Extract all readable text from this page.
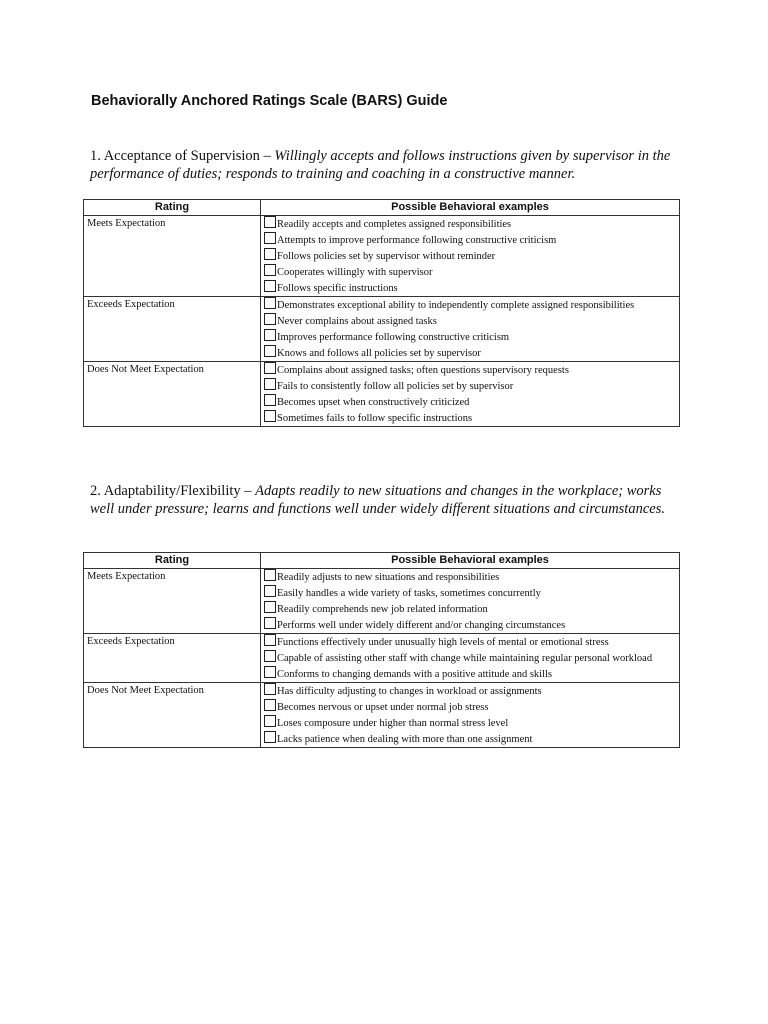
Behaviorally Anchored Ratings Scale (BARS) Guide
1. Acceptance of Supervision – Willingly accepts and follows instructions given by supervisor in the performance of duties; responds to training and coaching in a constructive manner.
Rating	Possible Behavioral examples
Meets Expectation	Readily accepts and completes assigned responsibilities
Attempts to improve performance following constructive criticism
Follows policies set by supervisor without reminder
Cooperates willingly with supervisor
Follows specific instructions

Exceeds Expectation	Demonstrates exceptional ability to independently complete assigned responsibilities
Never complains about assigned tasks
Improves performance following constructive criticism
Knows and follows all policies set by supervisor

Does Not Meet Expectation	Complains about assigned tasks; often questions supervisory requests
Fails to consistently follow all policies set by supervisor
Becomes upset when constructively criticized
Sometimes fails to follow specific instructions
2. Adaptability/Flexibility – Adapts readily to new situations and changes in the workplace; works well under pressure; learns and functions well under widely different situations and circumstances.
Rating	Possible Behavioral examples
Meets Expectation	Readily adjusts to new situations and responsibilities
Easily handles a wide variety of tasks, sometimes concurrently
Readily comprehends new job related information
Performs well under widely different and/or changing circumstances

Exceeds Expectation	Functions effectively under unusually high levels of mental or emotional stress
Capable of assisting other staff with change while maintaining regular personal workload
Conforms to changing demands with a positive attitude and skills

Does Not Meet Expectation	Has difficulty adjusting to changes in workload or assignments
Becomes nervous or upset under normal job stress
Loses composure under higher than normal stress level
Lacks patience when dealing with more than one assignment
